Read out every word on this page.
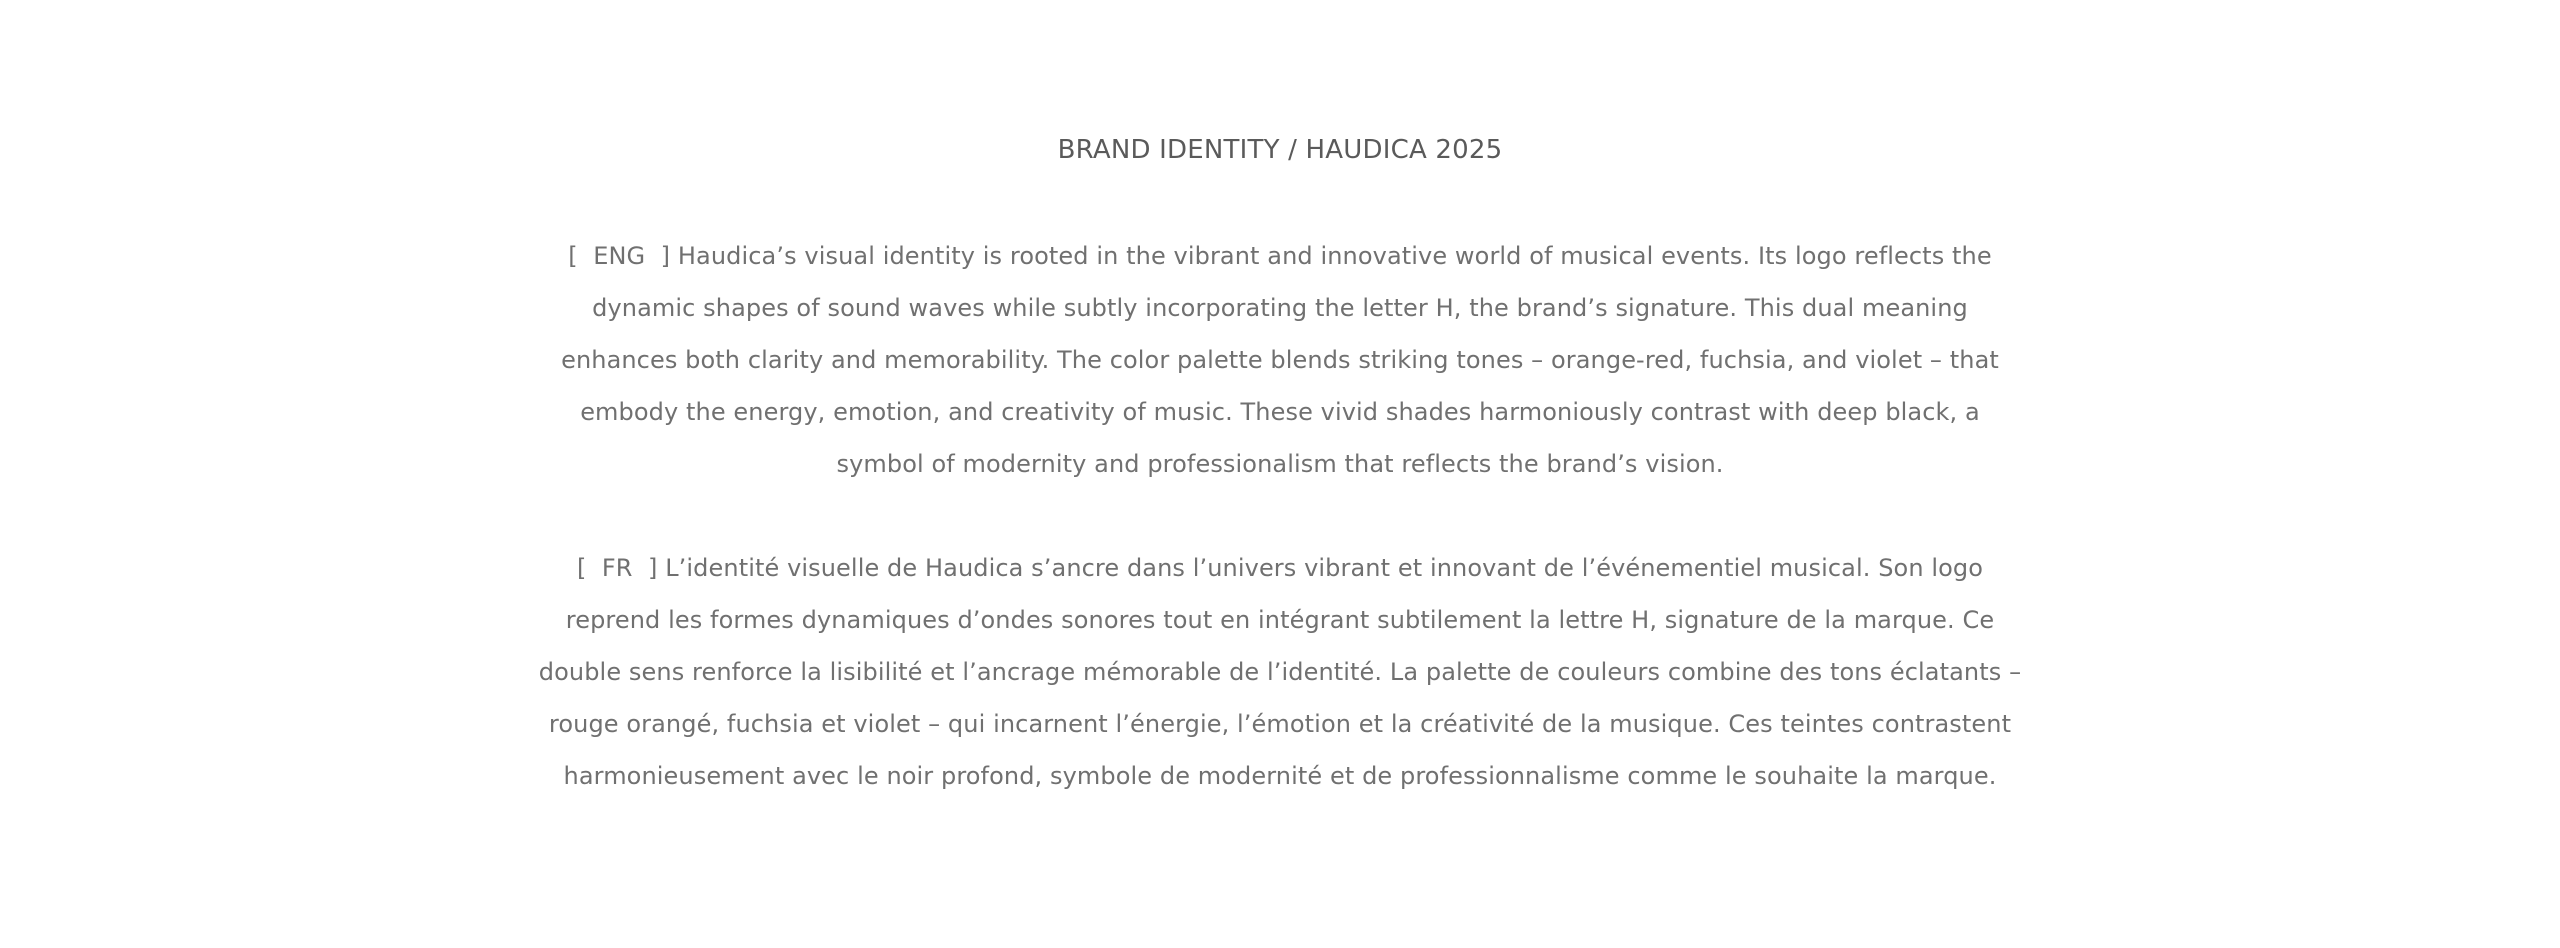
BRAND IDENTITY / HAUDICA 2025

[  ENG  ] Haudica’s visual identity is rooted in the vibrant and innovative world of musical events. Its logo reflects the dynamic shapes of sound waves while subtly incorporating the letter H, the brand’s signature. This dual meaning enhances both clarity and memorability. The color palette blends striking tones – orange-red, fuchsia, and violet – that embody the energy, emotion, and creativity of music. These vivid shades harmoniously contrast with deep black, a symbol of modernity and professionalism that reflects the brand’s vision.

[  FR  ] L’identité visuelle de Haudica s’ancre dans l’univers vibrant et innovant de l’événementiel musical. Son logo reprend les formes dynamiques d’ondes sonores tout en intégrant subtilement la lettre H, signature de la marque. Ce double sens renforce la lisibilité et l’ancrage mémorable de l’identité. La palette de couleurs combine des tons éclatants – rouge orangé, fuchsia et violet – qui incarnent l’énergie, l’émotion et la créativité de la musique. Ces teintes contrastent harmonieusement avec le noir profond, symbole de modernité et de professionnalisme comme le souhaite la marque.
